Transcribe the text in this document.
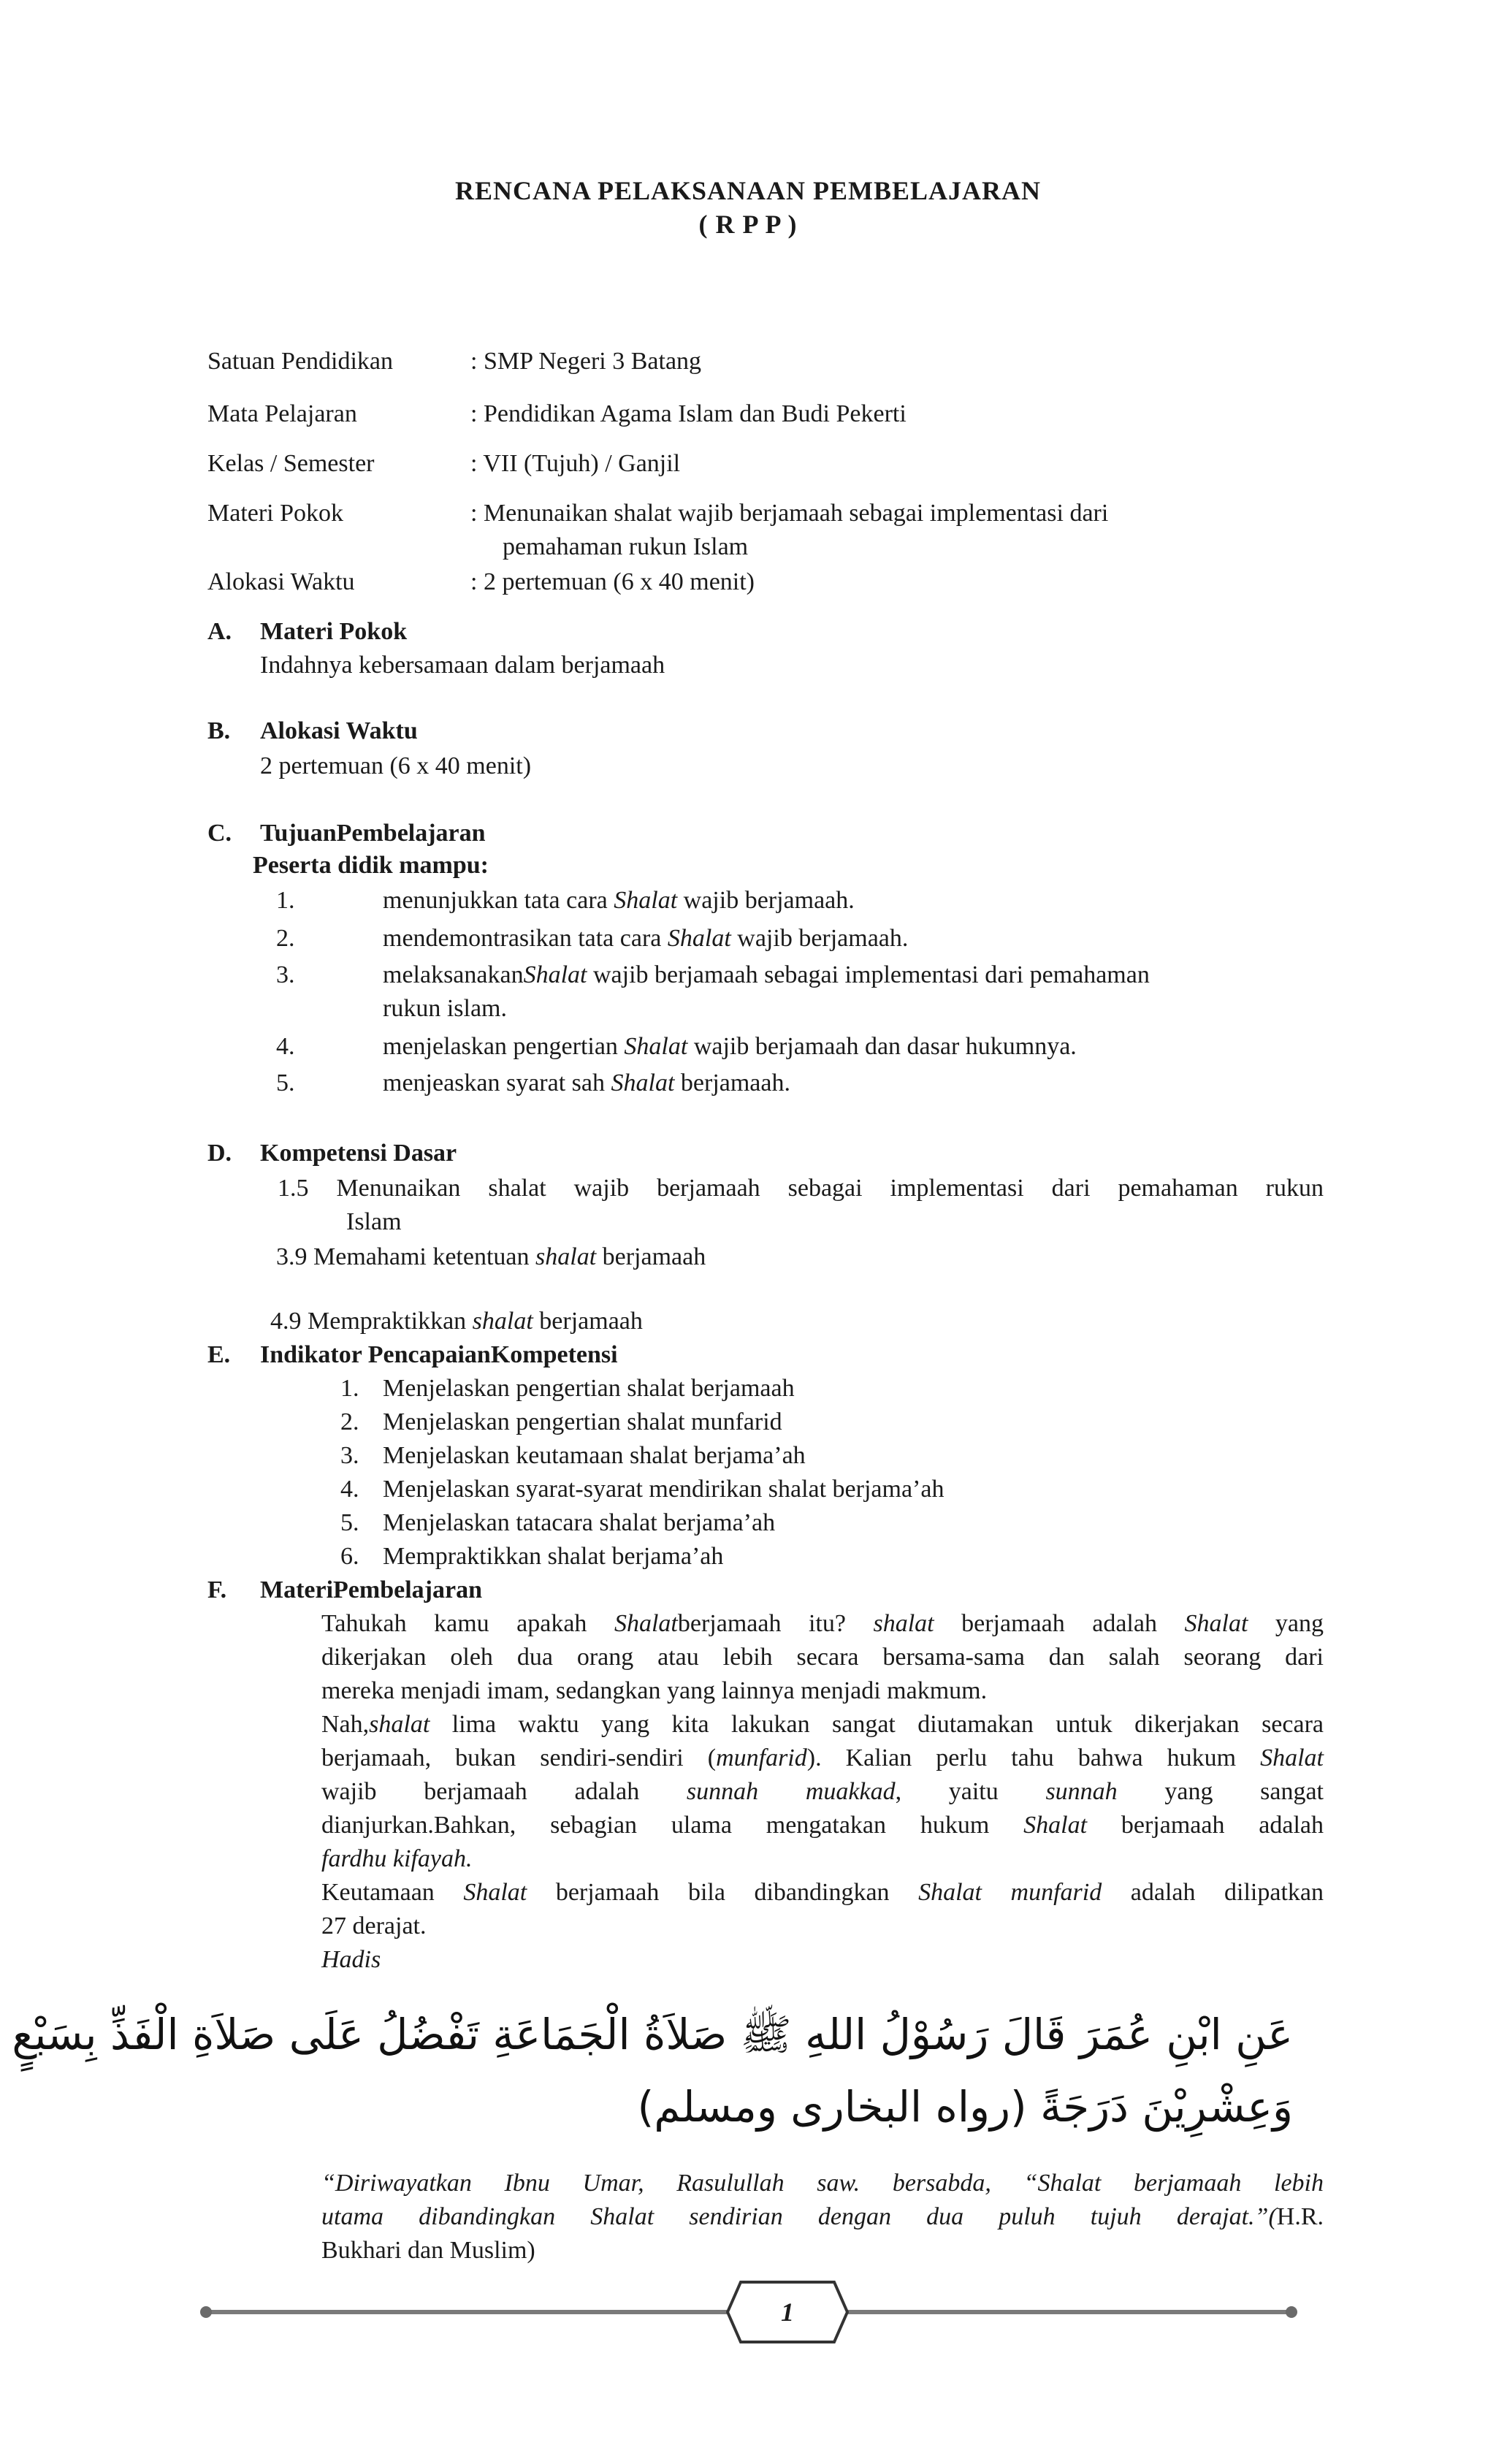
RENCANA PELAKSANAAN PEMBELAJARAN
( R P P )
Satuan Pendidikan	: SMP Negeri 3 Batang
Mata Pelajaran	: Pendidikan Agama Islam dan Budi Pekerti
Kelas / Semester	: VII (Tujuh) / Ganjil
Materi Pokok	: Menunaikan shalat wajib berjamaah sebagai implementasi dari
pemahaman rukun Islam
Alokasi Waktu	: 2 pertemuan (6 x 40 menit)
A. Materi Pokok
Indahnya kebersamaan dalam berjamaah
B. Alokasi Waktu
2 pertemuan (6 x 40 menit)
C. TujuanPembelajaran
Peserta didik mampu:
1.	menunjukkan tata cara Shalat wajib berjamaah.
2.	mendemontrasikan tata cara Shalat wajib berjamaah.
3.	melaksanakanShalat wajib berjamaah sebagai implementasi dari pemahaman
rukun islam.
4.	menjelaskan pengertian Shalat wajib berjamaah dan dasar hukumnya.
5.	menjeaskan syarat sah Shalat berjamaah.
D. Kompetensi Dasar
1.5 Menunaikan shalat wajib berjamaah sebagai implementasi dari pemahaman rukun
Islam
3.9 Memahami ketentuan shalat berjamaah
4.9 Mempraktikkan shalat berjamaah
E. Indikator PencapaianKompetensi
1. Menjelaskan pengertian shalat berjamaah
2. Menjelaskan pengertian shalat munfarid
3. Menjelaskan keutamaan shalat berjama’ah
4. Menjelaskan syarat-syarat mendirikan shalat berjama’ah
5. Menjelaskan tatacara shalat berjama’ah
6. Mempraktikkan shalat berjama’ah
F. MateriPembelajaran
Tahukah kamu apakah Shalatberjamaah itu? shalat berjamaah adalah Shalat yang
dikerjakan oleh dua orang atau lebih secara bersama-sama dan salah seorang dari
mereka menjadi imam, sedangkan yang lainnya menjadi makmum.
Nah,shalat lima waktu yang kita lakukan sangat diutamakan untuk dikerjakan secara
berjamaah, bukan sendiri-sendiri (munfarid). Kalian perlu tahu bahwa hukum Shalat
wajib berjamaah adalah sunnah muakkad, yaitu sunnah yang sangat
dianjurkan.Bahkan, sebagian ulama mengatakan hukum Shalat berjamaah adalah
fardhu kifayah.
Keutamaan Shalat berjamaah bila dibandingkan Shalat munfarid adalah dilipatkan
27 derajat.
Hadis
عَنِ ابْنِ عُمَرَ قَالَ رَسُوْلُ اللهِ ﷺ صَلاَةُ الْجَمَاعَةِ تَفْضُلُ عَلَى صَلاَةِ الْفَذِّ بِسَبْعٍ
وَعِشْرِيْنَ دَرَجَةً (رواه البخارى ومسلم)
“Diriwayatkan Ibnu Umar, Rasulullah saw. bersabda, “Shalat berjamaah lebih
utama dibandingkan Shalat sendirian dengan dua puluh tujuh derajat.”(H.R.
Bukhari dan Muslim)
1
